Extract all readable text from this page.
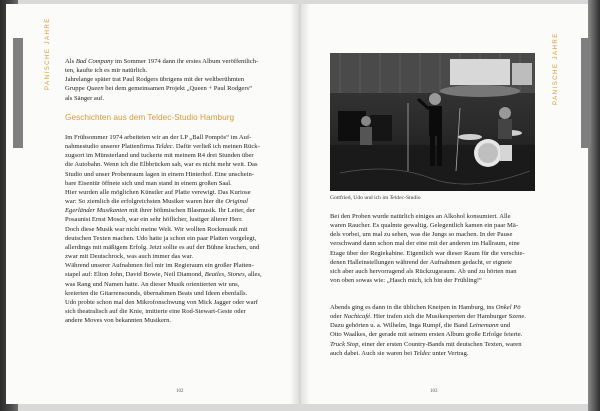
PANISCHE JAHRE	PANISCHE JAHRE

Als Bad Company im Sommer 1974 dann ihr erstes Album veröffentlich-

ten, kaufte ich es mir natürlich.

Jahrelange später trat Paul Rodgers übrigens mit der weltberühmten

Gruppe Queen bei dem gemeinsamen Projekt „Queen + Paul Rodgers“

als Sänger auf.

Geschichten aus dem Teldec-Studio Hamburg

Im Frühsommer 1974 arbeiteten wir an der LP „Ball Pompös“ im Auf-

nahmestudio unserer Plattenfirma Teldec. Dafür verließ ich meinen Rück-

zugsort im Münsterland und tuckerte mit meinem R4 drei Stunden über

die Autobahn. Wenn ich die Elbbrücken sah, war es nicht mehr weit. Das

Studio und unser Probenraum lagen in einem Hinterhof. Eine unschein-

bare Eisentür öffnete sich und man stand in einem großen Saal.

Hier wurden alle möglichen Künstler auf Platte verewigt. Das Kuriose

war: So ziemlich die erfolgreichsten Musiker waren hier die Original

Egerländer Musikanten mit ihrer böhmischen Blasmusik. Ihr Leiter, der

Posaunist Ernst Mosch, war ein sehr höflicher, lustiger älterer Herr.

Doch diese Musik war nicht meine Welt. Wir wollten Rockmusik mit

deutschen Texten machen. Udo hatte ja schon ein paar Platten vorgelegt,

allerdings mit mäßigem Erfolg. Jetzt sollte es auf der Bühne krachen, und

zwar mit Deutschrock, was auch immer das war.

Während unserer Aufnahmen fiel mir im Regieraum ein großer Platten-

stapel auf: Elton John, David Bowie, Neil Diamond, Beatles, Stones, alles,

was Rang und Namen hatte. An dieser Musik orientierten wir uns,

kreierten die Gitarrensounds, übernahmen Beats und Ideen ebenfalls.

Udo probte schon mal den Mikrofonschwung von Mick Jagger oder warf

sich theatralisch auf die Knie, imitierte eine Rod-Stewart-Geste oder

andere Moves von bekannten Musikern.

102
Gottfried, Udo und ich im Teldec-Studio

Bei den Proben wurde natürlich einiges an Alkohol konsumiert. Alle

waren Raucher. Es qualmte gewaltig. Gelegentlich kamen ein paar Mä-

dels vorbei, um mal zu sehen, was die Jungs so machen. In der Pause

verschwand dann schon mal der eine mit der anderen im Hallraum, eine

Etage über der Regiekabine. Eigentlich war dieser Raum für die verschie-

denen Halleinstellungen während der Aufnahmen gedacht, er eignete

sich aber auch hervorragend als Rückzugsraum. Ab und zu hörten man

von oben sowas wie: „Hasch mich, ich bin der Frühling!“

Abends ging es dann in die üblichen Kneipen in Hamburg, ins Onkel Pö

oder Nachtcafé. Hier trafen sich die Musikexperten der Hamburger Szene.

Dazu gehörten u. a. Wilhelm, Inga Rumpf, die Band Leinemann und

Otto Waalkes, der gerade mit seinem ersten Album große Erfolge feierte.

Truck Stop, einer der ersten Country-Bands mit deutschen Texten, waren

auch dabei. Auch sie waren bei Teldec unter Vertrag.

103
